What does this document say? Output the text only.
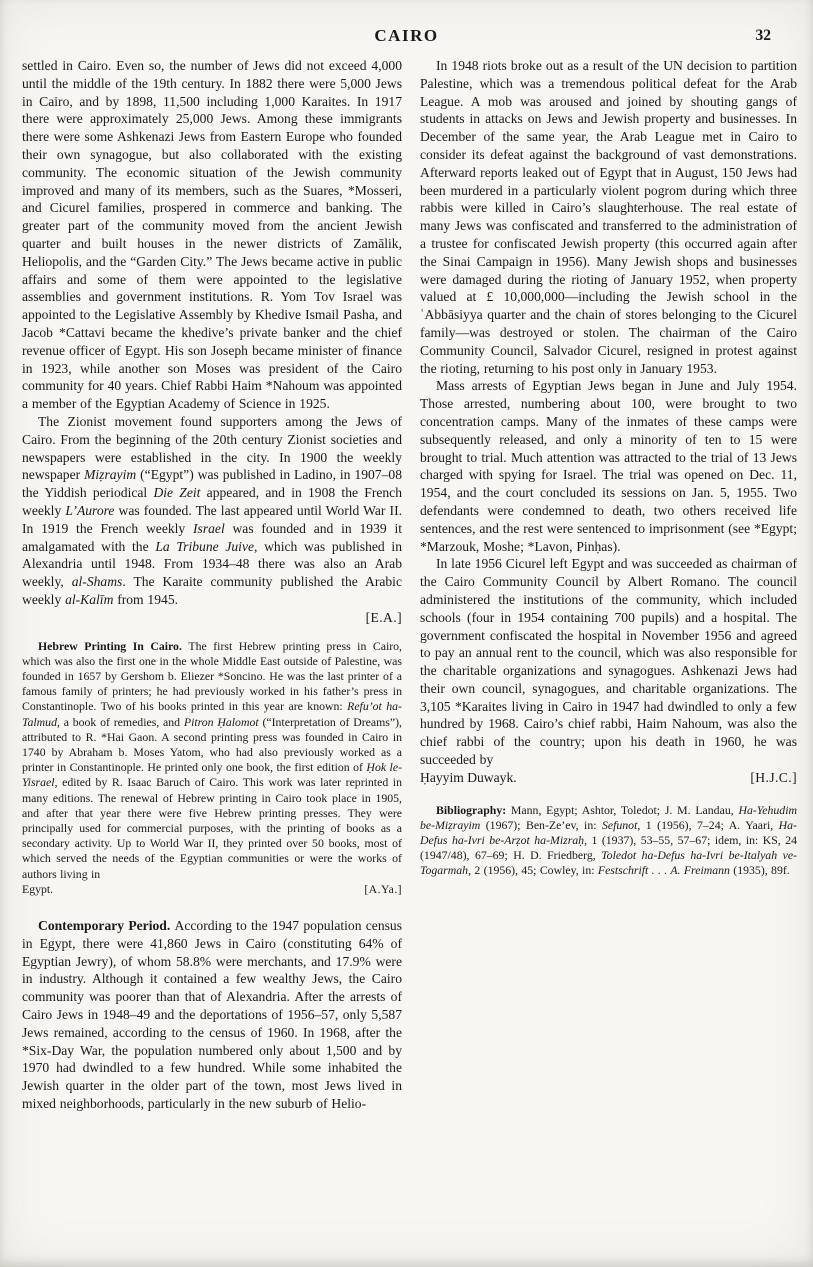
CAIRO	32

settled in Cairo. Even so, the number of Jews did not exceed 4,000 until the middle of the 19th century. In 1882 there were 5,000 Jews in Cairo, and by 1898, 11,500 including 1,000 Karaites. In 1917 there were approximately 25,000 Jews. Among these immigrants there were some Ashkenazi Jews from Eastern Europe who founded their own synagogue, but also collaborated with the existing community. The economic situation of the Jewish community improved and many of its members, such as the Suares, *Mosseri, and Cicurel families, prospered in commerce and banking. The greater part of the community moved from the ancient Jewish quarter and built houses in the newer districts of Zamālik, Heliopolis, and the “Garden City.” The Jews became active in public affairs and some of them were appointed to the legislative assemblies and government institutions. R. Yom Tov Israel was appointed to the Legislative Assembly by Khedive Ismail Pasha, and Jacob *Cattavi became the khedive’s private banker and the chief revenue officer of Egypt. His son Joseph became minister of finance in 1923, while another son Moses was president of the Cairo community for 40 years. Chief Rabbi Haim *Nahoum was appointed a member of the Egyptian Academy of Science in 1925.

The Zionist movement found supporters among the Jews of Cairo. From the beginning of the 20th century Zionist societies and newspapers were established in the city. In 1900 the weekly newspaper Miẓrayim (“Egypt”) was published in Ladino, in 1907–08 the Yiddish periodical Die Zeit appeared, and in 1908 the French weekly L’Aurore was founded. The last appeared until World War II. In 1919 the French weekly Israel was founded and in 1939 it amalgamated with the La Tribune Juive, which was published in Alexandria until 1948. From 1934–48 there was also an Arab weekly, al-Shams. The Karaite community published the Arabic weekly al-Kalīm from 1945.

[E.A.]

Hebrew Printing In Cairo. The first Hebrew printing press in Cairo, which was also the first one in the whole Middle East outside of Palestine, was founded in 1657 by Gershom b. Eliezer *Soncino. He was the last printer of a famous family of printers; he had previously worked in his father’s press in Constantinople. Two of his books printed in this year are known: Refu’ot ha-Talmud, a book of remedies, and Pitron Ḥalomot (“Interpretation of Dreams”), attributed to R. *Hai Gaon. A second printing press was founded in Cairo in 1740 by Abraham b. Moses Yatom, who had also previously worked as a printer in Constantinople. He printed only one book, the first edition of Ḥok le-Yisrael, edited by R. Isaac Baruch of Cairo. This work was later reprinted in many editions. The renewal of Hebrew printing in Cairo took place in 1905, and after that year there were five Hebrew printing presses. They were principally used for commercial purposes, with the printing of books as a secondary activity. Up to World War II, they printed over 50 books, most of which served the needs of the Egyptian communities or were the works of authors living in

Egypt.	[A.Ya.]

Contemporary Period. According to the 1947 population census in Egypt, there were 41,860 Jews in Cairo (constituting 64% of Egyptian Jewry), of whom 58.8% were merchants, and 17.9% were in industry. Although it contained a few wealthy Jews, the Cairo community was poorer than that of Alexandria. After the arrests of Cairo Jews in 1948–49 and the deportations of 1956–57, only 5,587 Jews remained, according to the census of 1960. In 1968, after the *Six-Day War, the population numbered only about 1,500 and by 1970 had dwindled to a few hundred. While some inhabited the Jewish quarter in the older part of the town, most Jews lived in mixed neighborhoods, particularly in the new suburb of Helio-

In 1948 riots broke out as a result of the UN decision to partition Palestine, which was a tremendous political defeat for the Arab League. A mob was aroused and joined by shouting gangs of students in attacks on Jews and Jewish property and businesses. In December of the same year, the Arab League met in Cairo to consider its defeat against the background of vast demonstrations. Afterward reports leaked out of Egypt that in August, 150 Jews had been murdered in a particularly violent pogrom during which three rabbis were killed in Cairo’s slaughterhouse. The real estate of many Jews was confiscated and transferred to the administration of a trustee for confiscated Jewish property (this occurred again after the Sinai Campaign in 1956). Many Jewish shops and businesses were damaged during the rioting of January 1952, when property valued at £ 10,000,000—including the Jewish school in the ʿAbbāsiyya quarter and the chain of stores belonging to the Cicurel family—was destroyed or stolen. The chairman of the Cairo Community Council, Salvador Cicurel, resigned in protest against the rioting, returning to his post only in January 1953.

Mass arrests of Egyptian Jews began in June and July 1954. Those arrested, numbering about 100, were brought to two concentration camps. Many of the inmates of these camps were subsequently released, and only a minority of ten to 15 were brought to trial. Much attention was attracted to the trial of 13 Jews charged with spying for Israel. The trial was opened on Dec. 11, 1954, and the court concluded its sessions on Jan. 5, 1955. Two defendants were condemned to death, two others received life sentences, and the rest were sentenced to imprisonment (see *Egypt; *Marzouk, Moshe; *Lavon, Pinḥas).

In late 1956 Cicurel left Egypt and was succeeded as chairman of the Cairo Community Council by Albert Romano. The council administered the institutions of the community, which included schools (four in 1954 containing 700 pupils) and a hospital. The government confiscated the hospital in November 1956 and agreed to pay an annual rent to the council, which was also responsible for the charitable organizations and synagogues. Ashkenazi Jews had their own council, synagogues, and charitable organizations. The 3,105 *Karaites living in Cairo in 1947 had dwindled to only a few hundred by 1968. Cairo’s chief rabbi, Haim Nahoum, was also the chief rabbi of the country; upon his death in 1960, he was succeeded by

Ḥayyim Duwayk.	[H.J.C.]

Bibliography: Mann, Egypt; Ashtor, Toledot; J. M. Landau, Ha-Yehudim be-Miẓrayim (1967); Ben-Ze’ev, in: Sefunot, 1 (1956), 7–24; A. Yaari, Ha-Defus ha-Ivri be-Arẓot ha-Mizraḥ, 1 (1937), 53–55, 57–67; idem, in: KS, 24 (1947/48), 67–69; H. D. Friedberg, Toledot ha-Defus ha-Ivri be-Italyah ve-Togarmah, 2 (1956), 45; Cowley, in: Festschrift . . . A. Freimann (1935), 89f.
